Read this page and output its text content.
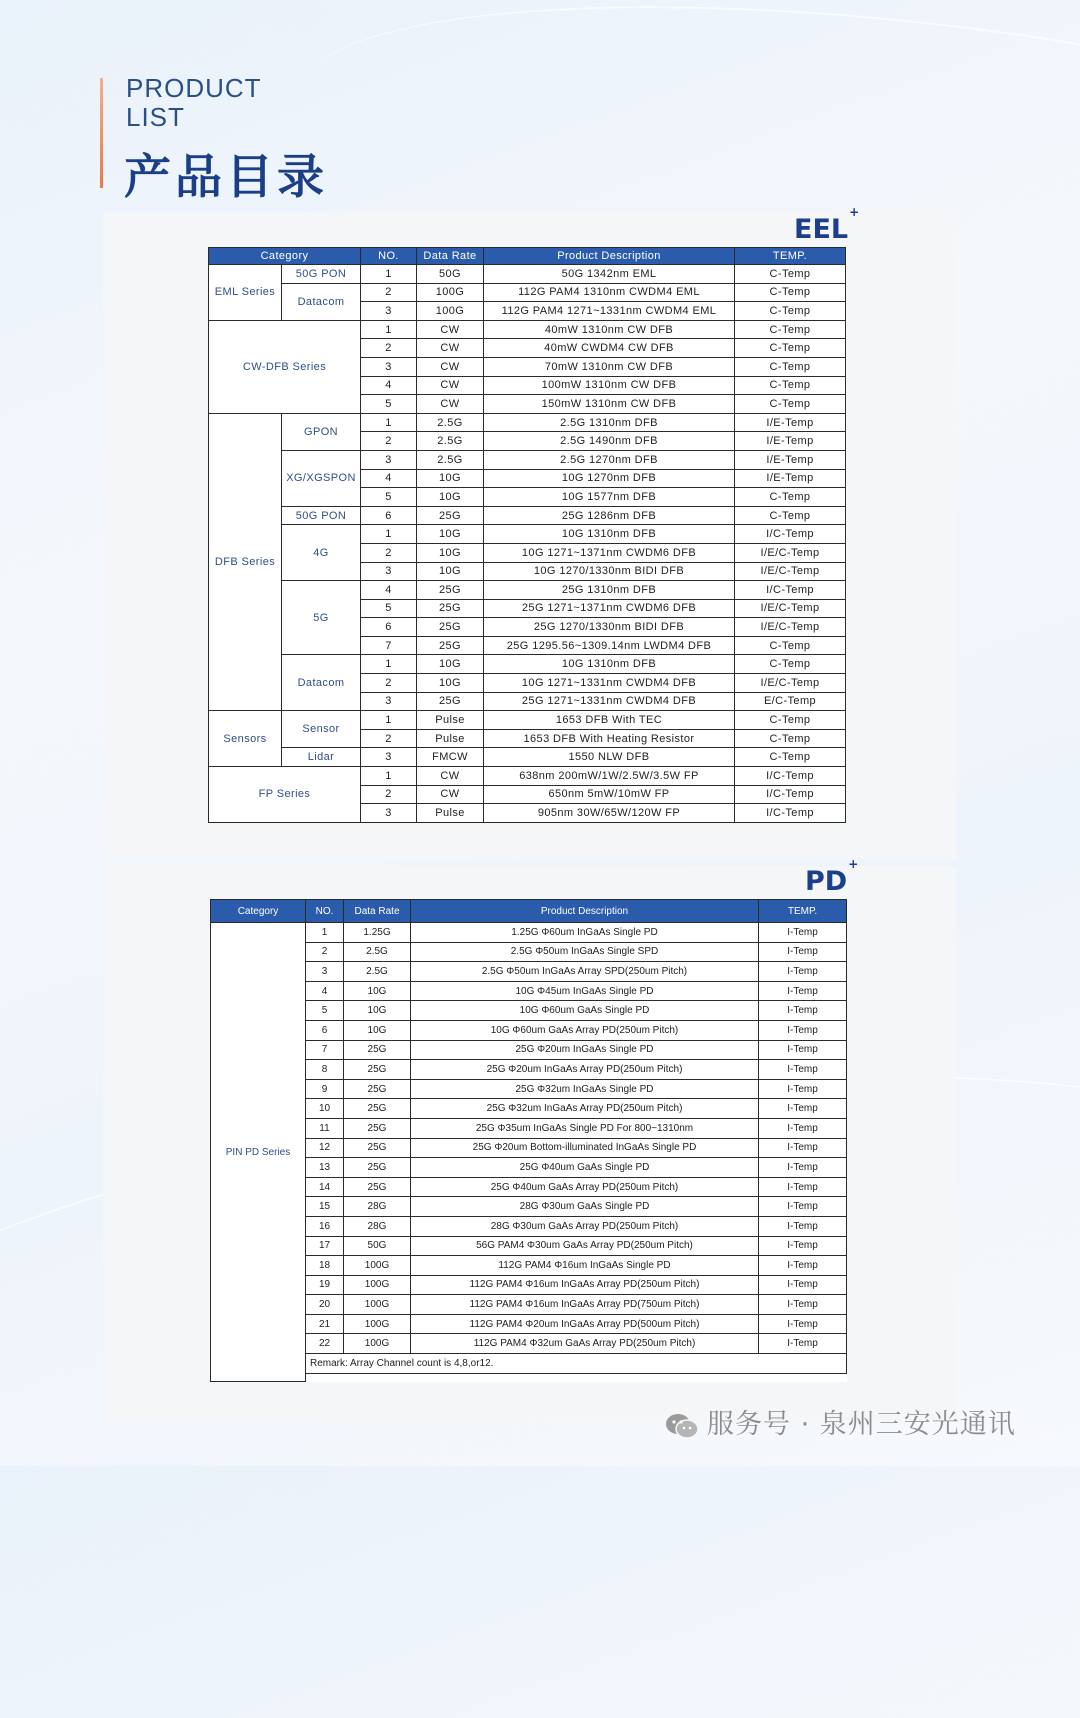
PRODUCT
LIST
产品目录
EEL+
Category		NO.	Data Rate	Product Description	TEMP.
EML Series	50G PON	1	50G	50G 1342nm EML	C-Temp
	Datacom	2	100G	112G PAM4 1310nm CWDM4 EML	C-Temp
		3	100G	112G PAM4 1271~1331nm CWDM4 EML	C-Temp
CW-DFB Series		1	CW	40mW 1310nm CW DFB	C-Temp
		2	CW	40mW CWDM4 CW DFB	C-Temp
		3	CW	70mW 1310nm CW DFB	C-Temp
		4	CW	100mW 1310nm CW DFB	C-Temp
		5	CW	150mW 1310nm CW DFB	C-Temp
DFB Series	GPON	1	2.5G	2.5G 1310nm DFB	I/E-Temp
		2	2.5G	2.5G 1490nm DFB	I/E-Temp
	XG/XGSPON	3	2.5G	2.5G 1270nm DFB	I/E-Temp
		4	10G	10G 1270nm DFB	I/E-Temp
		5	10G	10G 1577nm DFB	C-Temp
	50G PON	6	25G	25G 1286nm DFB	C-Temp
	4G	1	10G	10G 1310nm DFB	I/C-Temp
		2	10G	10G 1271~1371nm CWDM6 DFB	I/E/C-Temp
		3	10G	10G 1270/1330nm BIDI DFB	I/E/C-Temp
	5G	4	25G	25G 1310nm DFB	I/C-Temp
		5	25G	25G 1271~1371nm CWDM6 DFB	I/E/C-Temp
		6	25G	25G 1270/1330nm BIDI DFB	I/E/C-Temp
		7	25G	25G 1295.56~1309.14nm LWDM4 DFB	C-Temp
	Datacom	1	10G	10G 1310nm DFB	C-Temp
		2	10G	10G 1271~1331nm CWDM4 DFB	I/E/C-Temp
		3	25G	25G 1271~1331nm CWDM4 DFB	E/C-Temp
Sensors	Sensor	1	Pulse	1653 DFB With TEC	C-Temp
		2	Pulse	1653 DFB With Heating Resistor	C-Temp
	Lidar	3	FMCW	1550 NLW DFB	C-Temp
FP Series		1	CW	638nm 200mW/1W/2.5W/3.5W FP	I/C-Temp
		2	CW	650nm 5mW/10mW FP	I/C-Temp
		3	Pulse	905nm 30W/65W/120W FP	I/C-Temp
PD+
Category	NO.	Data Rate	Product Description	TEMP.
PIN PD Series	1	1.25G	1.25G Φ60um InGaAs Single PD	I-Temp
	2	2.5G	2.5G Φ50um InGaAs Single SPD	I-Temp
	3	2.5G	2.5G Φ50um InGaAs Array SPD(250um Pitch)	I-Temp
	4	10G	10G Φ45um InGaAs Single PD	I-Temp
	5	10G	10G Φ60um GaAs Single PD	I-Temp
	6	10G	10G Φ60um GaAs Array PD(250um Pitch)	I-Temp
	7	25G	25G Φ20um InGaAs Single PD	I-Temp
	8	25G	25G Φ20um InGaAs Array PD(250um Pitch)	I-Temp
	9	25G	25G Φ32um InGaAs Single PD	I-Temp
	10	25G	25G Φ32um InGaAs Array PD(250um Pitch)	I-Temp
	11	25G	25G Φ35um InGaAs Single PD For 800~1310nm	I-Temp
	12	25G	25G Φ20um Bottom-illuminated InGaAs Single PD	I-Temp
	13	25G	25G Φ40um GaAs Single PD	I-Temp
	14	25G	25G Φ40um GaAs Array PD(250um Pitch)	I-Temp
	15	28G	28G Φ30um GaAs Single PD	I-Temp
	16	28G	28G Φ30um GaAs Array PD(250um Pitch)	I-Temp
	17	50G	56G PAM4 Φ30um GaAs Array PD(250um Pitch)	I-Temp
	18	100G	112G PAM4 Φ16um InGaAs Single PD	I-Temp
	19	100G	112G PAM4 Φ16um InGaAs Array PD(250um Pitch)	I-Temp
	20	100G	112G PAM4 Φ16um InGaAs Array PD(750um Pitch)	I-Temp
	21	100G	112G PAM4 Φ20um InGaAs Array PD(500um Pitch)	I-Temp
	22	100G	112G PAM4 Φ32um GaAs Array PD(250um Pitch)	I-Temp
	Remark: Array Channel count is 4,8,or12.			

服务号 · 泉州三安光通讯
